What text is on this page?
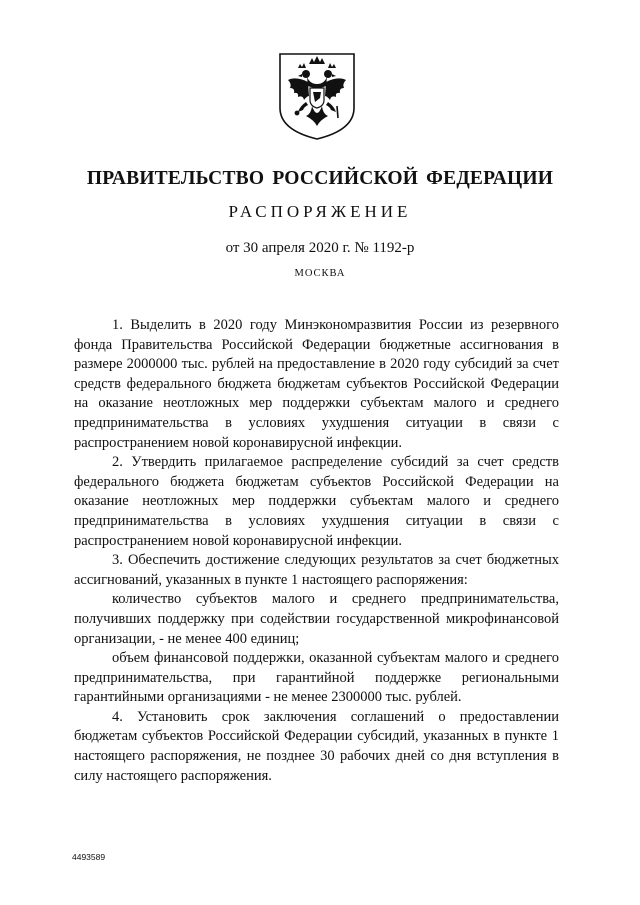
ПРАВИТЕЛЬСТВО РОССИЙСКОЙ ФЕДЕРАЦИИ
РАСПОРЯЖЕНИЕ
от 30 апреля 2020 г. № 1192-р
МОСКВА

1. Выделить в 2020 году Минэкономразвития России из резервного фонда Правительства Российской Федерации бюджетные ассигнования в размере 2000000 тыс. рублей на предоставление в 2020 году субсидий за счет средств федерального бюджета бюджетам субъектов Российской Федерации на оказание неотложных мер поддержки субъектам малого и среднего предпринимательства в условиях ухудшения ситуации в связи с распространением новой коронавирусной инфекции.

2. Утвердить прилагаемое распределение субсидий за счет средств федерального бюджета бюджетам субъектов Российской Федерации на оказание неотложных мер поддержки субъектам малого и среднего предпринимательства в условиях ухудшения ситуации в связи с распространением новой коронавирусной инфекции.

3. Обеспечить достижение следующих результатов за счет бюджетных ассигнований, указанных в пункте 1 настоящего распоряжения:

количество субъектов малого и среднего предпринимательства, получивших поддержку при содействии государственной микрофинансовой организации, - не менее 400 единиц;

объем финансовой поддержки, оказанной субъектам малого и среднего предпринимательства, при гарантийной поддержке региональными гарантийными организациями - не менее 2300000 тыс. рублей.

4. Установить срок заключения соглашений о предоставлении бюджетам субъектов Российской Федерации субсидий, указанных в пункте 1 настоящего распоряжения, не позднее 30 рабочих дней со дня вступления в силу настоящего распоряжения.

4493589
